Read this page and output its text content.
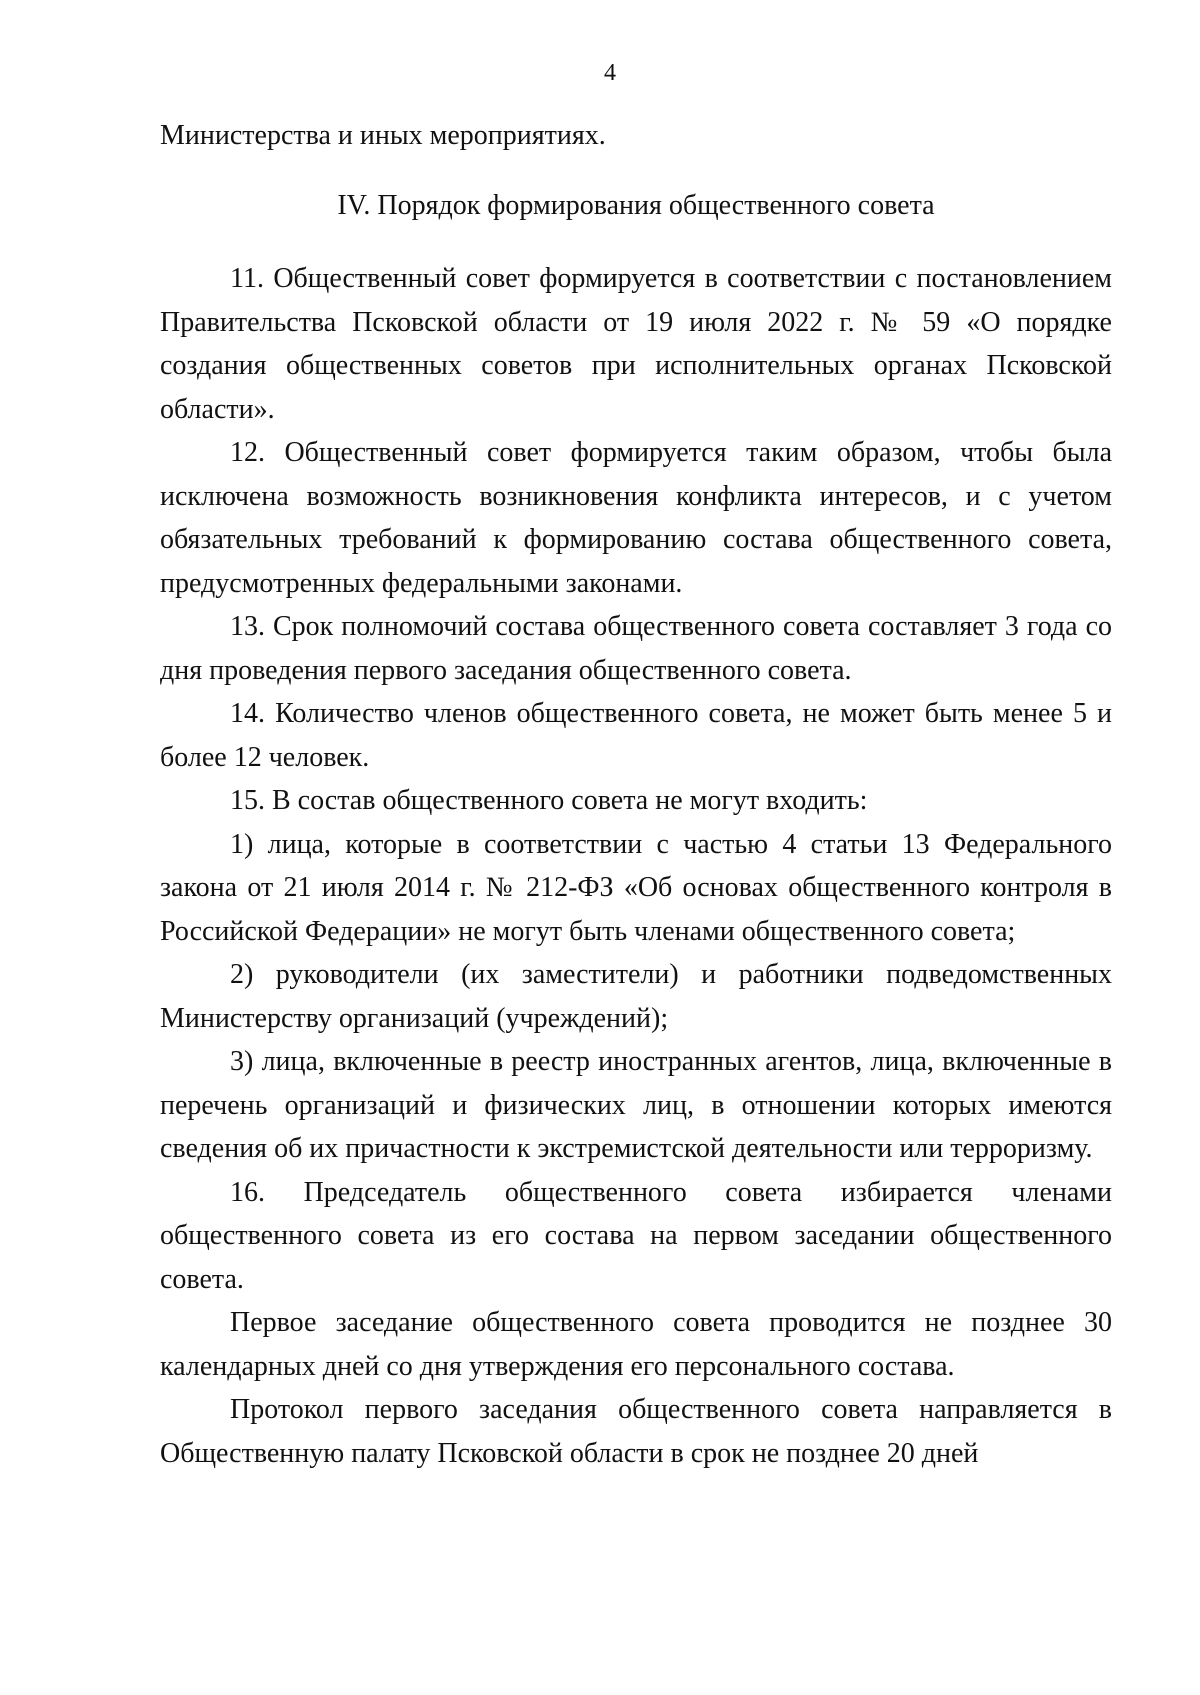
4

Министерства и иных мероприятиях.

IV. Порядок формирования общественного совета

11. Общественный совет формируется в соответствии с постановлением Правительства Псковской области от 19 июля 2022 г. № 59 «О порядке создания общественных советов при исполнительных органах Псковской области».

12. Общественный совет формируется таким образом, чтобы была исключена возможность возникновения конфликта интересов, и с учетом обязательных требований к формированию состава общественного совета, предусмотренных федеральными законами.

13. Срок полномочий состава общественного совета составляет 3 года со дня проведения первого заседания общественного совета.

14. Количество членов общественного совета, не может быть менее 5 и более 12 человек.

15. В состав общественного совета не могут входить:

1) лица, которые в соответствии с частью 4 статьи 13 Федерального закона от 21 июля 2014 г. № 212-ФЗ «Об основах общественного контроля в Российской Федерации» не могут быть членами общественного совета;

2) руководители (их заместители) и работники подведомственных Министерству организаций (учреждений);

3) лица, включенные в реестр иностранных агентов, лица, включенные в перечень организаций и физических лиц, в отношении которых имеются сведения об их причастности к экстремистской деятельности или терроризму.

16. Председатель общественного совета избирается членами общественного совета из его состава на первом заседании общественного совета.

Первое заседание общественного совета проводится не позднее 30 календарных дней со дня утверждения его персонального состава.

Протокол первого заседания общественного совета направляется в Общественную палату Псковской области в срок не позднее 20 дней
